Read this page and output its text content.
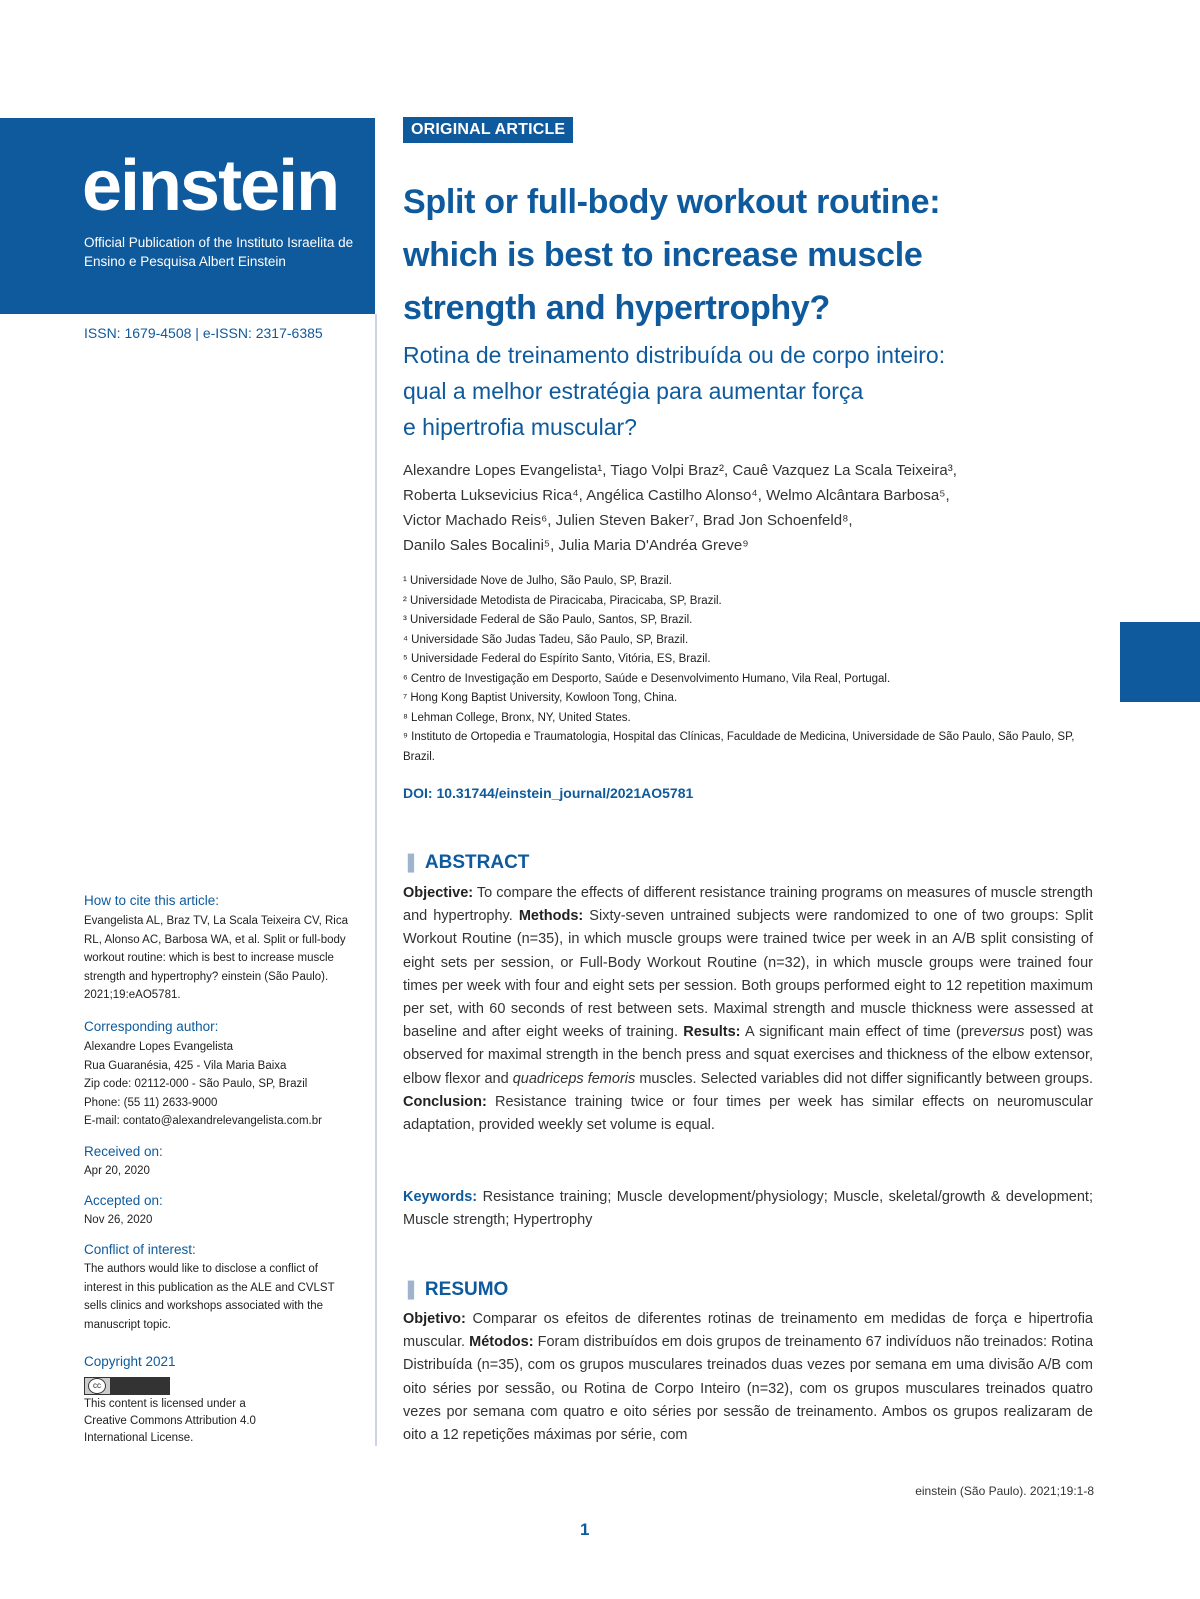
einstein
Official Publication of the Instituto Israelita de Ensino e Pesquisa Albert Einstein
ISSN: 1679-4508 | e-ISSN: 2317-6385
How to cite this article:
Evangelista AL, Braz TV, La Scala Teixeira CV, Rica RL, Alonso AC, Barbosa WA, et al. Split or full-body workout routine: which is best to increase muscle strength and hypertrophy? einstein (São Paulo). 2021;19:eAO5781.
Corresponding author:
Alexandre Lopes Evangelista
Rua Guaranésia, 425 - Vila Maria Baixa
Zip code: 02112-000 - São Paulo, SP, Brazil
Phone: (55 11) 2633-9000
E-mail: contato@alexandrelevangelista.com.br
Received on:
Apr 20, 2020
Accepted on:
Nov 26, 2020
Conflict of interest:
The authors would like to disclose a conflict of interest in this publication as the ALE and CVLST sells clinics and workshops associated with the manuscript topic.
Copyright 2021
cc
This content is licensed under a Creative Commons Attribution 4.0 International License.
ORIGINAL ARTICLE
Split or full-body workout routine:
which is best to increase muscle
strength and hypertrophy?
Rotina de treinamento distribuída ou de corpo inteiro:
qual a melhor estratégia para aumentar força
e hipertrofia muscular?
Alexandre Lopes Evangelista¹, Tiago Volpi Braz², Cauê Vazquez La Scala Teixeira³,
Roberta Luksevicius Rica⁴, Angélica Castilho Alonso⁴, Welmo Alcântara Barbosa⁵,
Victor Machado Reis⁶, Julien Steven Baker⁷, Brad Jon Schoenfeld⁸,
Danilo Sales Bocalini⁵, Julia Maria D'Andréa Greve⁹
¹ Universidade Nove de Julho, São Paulo, SP, Brazil.
² Universidade Metodista de Piracicaba, Piracicaba, SP, Brazil.
³ Universidade Federal de São Paulo, Santos, SP, Brazil.
⁴ Universidade São Judas Tadeu, São Paulo, SP, Brazil.
⁵ Universidade Federal do Espírito Santo, Vitória, ES, Brazil.
⁶ Centro de Investigação em Desporto, Saúde e Desenvolvimento Humano, Vila Real, Portugal.
⁷ Hong Kong Baptist University, Kowloon Tong, China.
⁸ Lehman College, Bronx, NY, United States.
⁹ Instituto de Ortopedia e Traumatologia, Hospital das Clínicas, Faculdade de Medicina, Universidade de São Paulo, São Paulo, SP, Brazil.
DOI: 10.31744/einstein_journal/2021AO5781
❚ ABSTRACT
Objective: To compare the effects of different resistance training programs on measures of muscle strength and hypertrophy. Methods: Sixty-seven untrained subjects were randomized to one of two groups: Split Workout Routine (n=35), in which muscle groups were trained twice per week in an A/B split consisting of eight sets per session, or Full-Body Workout Routine (n=32), in which muscle groups were trained four times per week with four and eight sets per session. Both groups performed eight to 12 repetition maximum per set, with 60 seconds of rest between sets. Maximal strength and muscle thickness were assessed at baseline and after eight weeks of training. Results: A significant main effect of time (preversus post) was observed for maximal strength in the bench press and squat exercises and thickness of the elbow extensor, elbow flexor and quadriceps femoris muscles. Selected variables did not differ significantly between groups. Conclusion: Resistance training twice or four times per week has similar effects on neuromuscular adaptation, provided weekly set volume is equal.
Keywords: Resistance training; Muscle development/physiology; Muscle, skeletal/growth & development; Muscle strength; Hypertrophy
❚ RESUMO
Objetivo: Comparar os efeitos de diferentes rotinas de treinamento em medidas de força e hipertrofia muscular. Métodos: Foram distribuídos em dois grupos de treinamento 67 indivíduos não treinados: Rotina Distribuída (n=35), com os grupos musculares treinados duas vezes por semana em uma divisão A/B com oito séries por sessão, ou Rotina de Corpo Inteiro (n=32), com os grupos musculares treinados quatro vezes por semana com quatro e oito séries por sessão de treinamento. Ambos os grupos realizaram de oito a 12 repetições máximas por série, com
einstein (São Paulo). 2021;19:1-8
1
